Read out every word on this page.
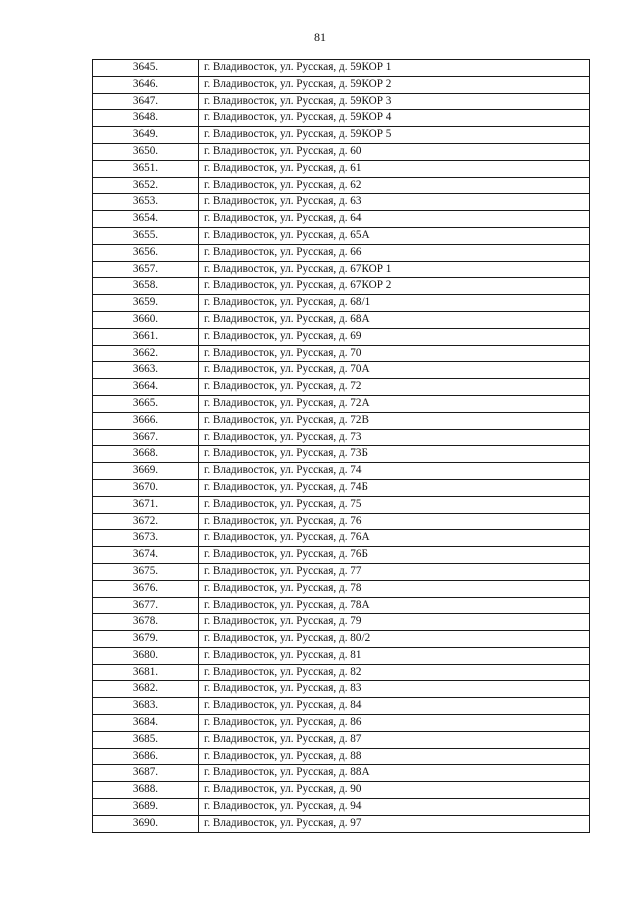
81
3645.	г. Владивосток, ул. Русская, д. 59КОР 1
3646.	г. Владивосток, ул. Русская, д. 59КОР 2
3647.	г. Владивосток, ул. Русская, д. 59КОР 3
3648.	г. Владивосток, ул. Русская, д. 59КОР 4
3649.	г. Владивосток, ул. Русская, д. 59КОР 5
3650.	г. Владивосток, ул. Русская, д. 60
3651.	г. Владивосток, ул. Русская, д. 61
3652.	г. Владивосток, ул. Русская, д. 62
3653.	г. Владивосток, ул. Русская, д. 63
3654.	г. Владивосток, ул. Русская, д. 64
3655.	г. Владивосток, ул. Русская, д. 65А
3656.	г. Владивосток, ул. Русская, д. 66
3657.	г. Владивосток, ул. Русская, д. 67КОР 1
3658.	г. Владивосток, ул. Русская, д. 67КОР 2
3659.	г. Владивосток, ул. Русская, д. 68/1
3660.	г. Владивосток, ул. Русская, д. 68А
3661.	г. Владивосток, ул. Русская, д. 69
3662.	г. Владивосток, ул. Русская, д. 70
3663.	г. Владивосток, ул. Русская, д. 70А
3664.	г. Владивосток, ул. Русская, д. 72
3665.	г. Владивосток, ул. Русская, д. 72А
3666.	г. Владивосток, ул. Русская, д. 72В
3667.	г. Владивосток, ул. Русская, д. 73
3668.	г. Владивосток, ул. Русская, д. 73Б
3669.	г. Владивосток, ул. Русская, д. 74
3670.	г. Владивосток, ул. Русская, д. 74Б
3671.	г. Владивосток, ул. Русская, д. 75
3672.	г. Владивосток, ул. Русская, д. 76
3673.	г. Владивосток, ул. Русская, д. 76А
3674.	г. Владивосток, ул. Русская, д. 76Б
3675.	г. Владивосток, ул. Русская, д. 77
3676.	г. Владивосток, ул. Русская, д. 78
3677.	г. Владивосток, ул. Русская, д. 78А
3678.	г. Владивосток, ул. Русская, д. 79
3679.	г. Владивосток, ул. Русская, д. 80/2
3680.	г. Владивосток, ул. Русская, д. 81
3681.	г. Владивосток, ул. Русская, д. 82
3682.	г. Владивосток, ул. Русская, д. 83
3683.	г. Владивосток, ул. Русская, д. 84
3684.	г. Владивосток, ул. Русская, д. 86
3685.	г. Владивосток, ул. Русская, д. 87
3686.	г. Владивосток, ул. Русская, д. 88
3687.	г. Владивосток, ул. Русская, д. 88А
3688.	г. Владивосток, ул. Русская, д. 90
3689.	г. Владивосток, ул. Русская, д. 94
3690.	г. Владивосток, ул. Русская, д. 97
